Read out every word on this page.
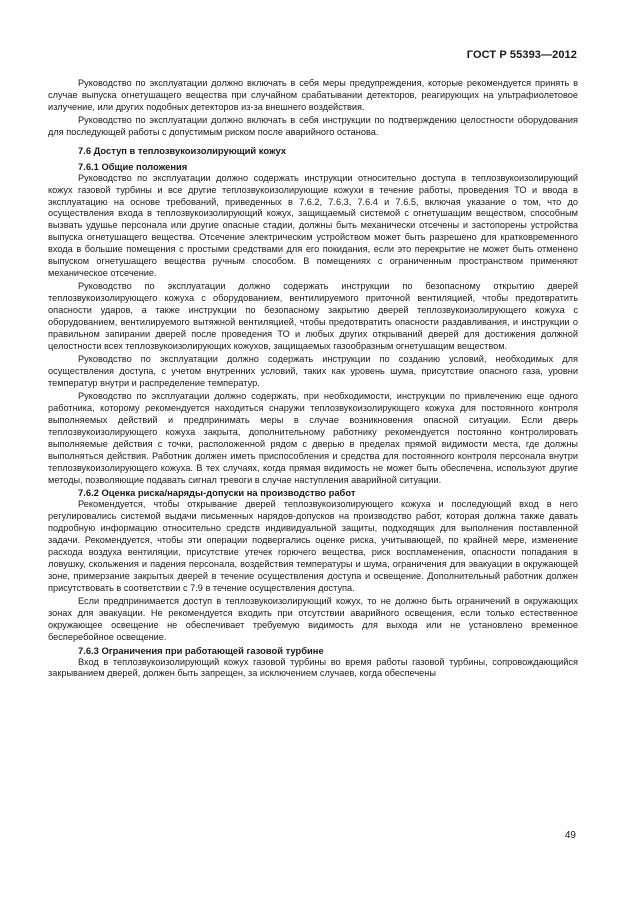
ГОСТ Р 55393—2012

Руководство по эксплуатации должно включать в себя меры предупреждения, которые рекомендуется принять в случае выпуска огнетушащего вещества при случайном срабатывании детекторов, реагирующих на ультрафиолетовое излучение, или других подобных детекторов из-за внешнего воздействия.

Руководство по эксплуатации должно включать в себя инструкции по подтверждению целостности оборудования для последующей работы с допустимым риском после аварийного останова.

7.6 Доступ в теплозвукоизолирующий кожух
7.6.1 Общие положения

Руководство по эксплуатации должно содержать инструкции относительно доступа в теплозвукоизолирующий кожух газовой турбины и все другие теплозвукоизолирующие кожухи в течение работы, проведения ТО и ввода в эксплуатацию на основе требований, приведенных в 7.6.2, 7.6.3, 7.6.4 и 7.6.5, включая указание о том, что до осуществления входа в теплозвукоизолирующий кожух, защищаемый системой с огнетушащим веществом, способным вызвать удушье персонала или другие опасные стадии, должны быть механически отсечены и застопорены устройства выпуска огнетушащего вещества. Отсечение электрическим устройством может быть разрешено для кратковременного входа в большие помещения с простыми средствами для его покидания, если это перекрытие не может быть отменено выпуском огнетушащего вещества ручным способом. В помещениях с ограниченным пространством применяют механическое отсечение.

Руководство по эксплуатации должно содержать инструкции по безопасному открытию дверей теплозвукоизолирующего кожуха с оборудованием, вентилируемого приточной вентиляцией, чтобы предотвратить опасности ударов, а также инструкции по безопасному закрытию дверей теплозвукоизолирующего кожуха с оборудованием, вентилируемого вытяжной вентиляцией, чтобы предотвратить опасности раздавливания, и инструкции о правильном запирании дверей после проведения ТО и любых других открываний дверей для достижения должной целостности всех теплозвукоизолирующих кожухов, защищаемых газообразным огнетушащим веществом.

Руководство по эксплуатации должно содержать инструкции по созданию условий, необходимых для осуществления доступа, с учетом внутренних условий, таких как уровень шума, присутствие опасного газа, уровни температур внутри и распределение температур.

Руководство по эксплуатации должно содержать, при необходимости, инструкции по привлечению еще одного работника, которому рекомендуется находиться снаружи теплозвукоизолирующего кожуха для постоянного контроля выполняемых действий и предпринимать меры в случае возникновения опасной ситуации. Если дверь теплозвукоизолирующего кожуха закрыта, дополнительному работнику рекомендуется постоянно контролировать выполняемые действия с точки, расположенной рядом с дверью в пределах прямой видимости места, где должны выполняться действия. Работник должен иметь приспособления и средства для постоянного контроля персонала внутри теплозвукоизолирующего кожуха. В тех случаях, когда прямая видимость не может быть обеспечена, используют другие методы, позволяющие подавать сигнал тревоги в случае наступления аварийной ситуации.

7.6.2 Оценка риска/наряды-допуски на производство работ

Рекомендуется, чтобы открывание дверей теплозвукоизолирующего кожуха и последующий вход в него регулировались системой выдачи письменных нарядов-допусков на производство работ, которая должна также давать подробную информацию относительно средств индивидуальной защиты, подходящих для выполнения поставленной задачи. Рекомендуется, чтобы эти операции подвергались оценке риска, учитывающей, по крайней мере, изменение расхода воздуха вентиляции, присутствие утечек горючего вещества, риск воспламенения, опасности попадания в ловушку, скольжения и падения персонала, воздействия температуры и шума, ограничения для эвакуации в окружающей зоне, примерзание закрытых дверей в течение осуществления доступа и освещение. Дополнительный работник должен присутствовать в соответствии с 7.9 в течение осуществления доступа.

Если предпринимается доступ в теплозвукоизолирующий кожух, то не должно быть ограничений в окружающих зонах для эвакуации. Не рекомендуется входить при отсутствии аварийного освещения, если только естественное окружающее освещение не обеспечивает требуемую видимость для выхода или не установлено временное бесперебойное освещение.

7.6.3 Ограничения при работающей газовой турбине

Вход в теплозвукоизолирующий кожух газовой турбины во время работы газовой турбины, сопровождающийся закрыванием дверей, должен быть запрещен, за исключением случаев, когда обеспечены

49
